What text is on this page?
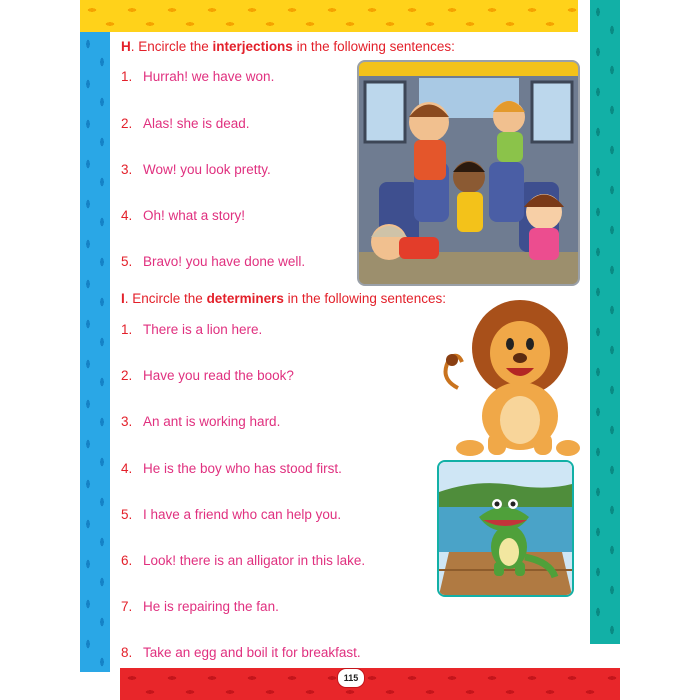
115
H. Encircle the interjections in the following sentences:
1. Hurrah! we have won.
2. Alas! she is dead.
3. Wow! you look pretty.
4. Oh! what a story!
5. Bravo! you have done well.
I. Encircle the determiners in the following sentences:
1. There is a lion here.
2. Have you read the book?
3. An ant is working hard.
4. He is the boy who has stood first.
5. I have a friend who can help you.
6. Look! there is an alligator in this lake.
7. He is repairing the fan.
8. Take an egg and boil it for breakfast.
